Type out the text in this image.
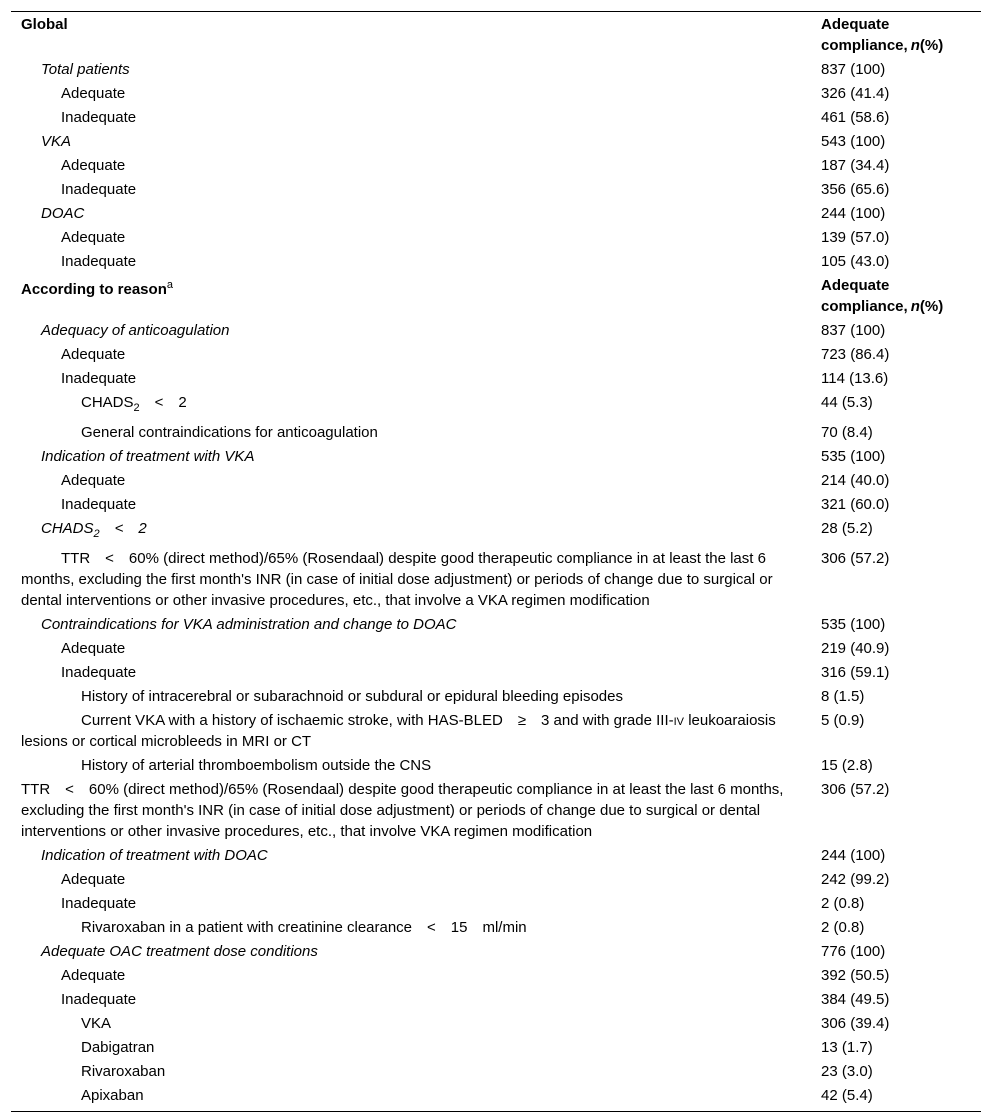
Global	Adequate compliance, n(%)
Total patients	837 (100)
Adequate	326 (41.4)
Inadequate	461 (58.6)
VKA	543 (100)
Adequate	187 (34.4)
Inadequate	356 (65.6)
DOAC	244 (100)
Adequate	139 (57.0)
Inadequate	105 (43.0)
According to reason$^a$	Adequate compliance, n(%)
Adequacy of anticoagulation	837 (100)
Adequate	723 (86.4)
Inadequate	114 (13.6)
$CHADS_2$ < 2	44 (5.3)
General contraindications for anticoagulation	70 (8.4)
Indication of treatment with VKA	535 (100)
Adequate	214 (40.0)
Inadequate	321 (60.0)
$CHADS_2$ < 2	28 (5.2)
TTR < 60% (direct method)/65% (Rosendaal) despite good therapeutic compliance in at least the last 6 months, excluding the first month's INR (in case of initial dose adjustment) or periods of change due to surgical or dental interventions or other invasive procedures, etc., that involve a VKA regimen modification	306 (57.2)
Contraindications for VKA administration and change to DOAC	535 (100)
Adequate	219 (40.9)
Inadequate	316 (59.1)
History of intracerebral or subarachnoid or subdural or epidural bleeding episodes	8 (1.5)
Current VKA with a history of ischaemic stroke, with HAS-BLED ≥ 3 and with grade III-iv leukoaraiosis lesions or cortical microbleeds in MRI or CT	5 (0.9)
History of arterial thromboembolism outside the CNS	15 (2.8)
TTR < 60% (direct method)/65% (Rosendaal) despite good therapeutic compliance in at least the last 6 months, excluding the first month's INR (in case of initial dose adjustment) or periods of change due to surgical or dental interventions or other invasive procedures, etc., that involve VKA regimen modification	306 (57.2)
Indication of treatment with DOAC	244 (100)
Adequate	242 (99.2)
Inadequate	2 (0.8)
Rivaroxaban in a patient with creatinine clearance < 15 ml/min	2 (0.8)
Adequate OAC treatment dose conditions	776 (100)
Adequate	392 (50.5)
Inadequate	384 (49.5)
VKA	306 (39.4)
Dabigatran	13 (1.7)
Rivaroxaban	23 (3.0)
Apixaban	42 (5.4)
